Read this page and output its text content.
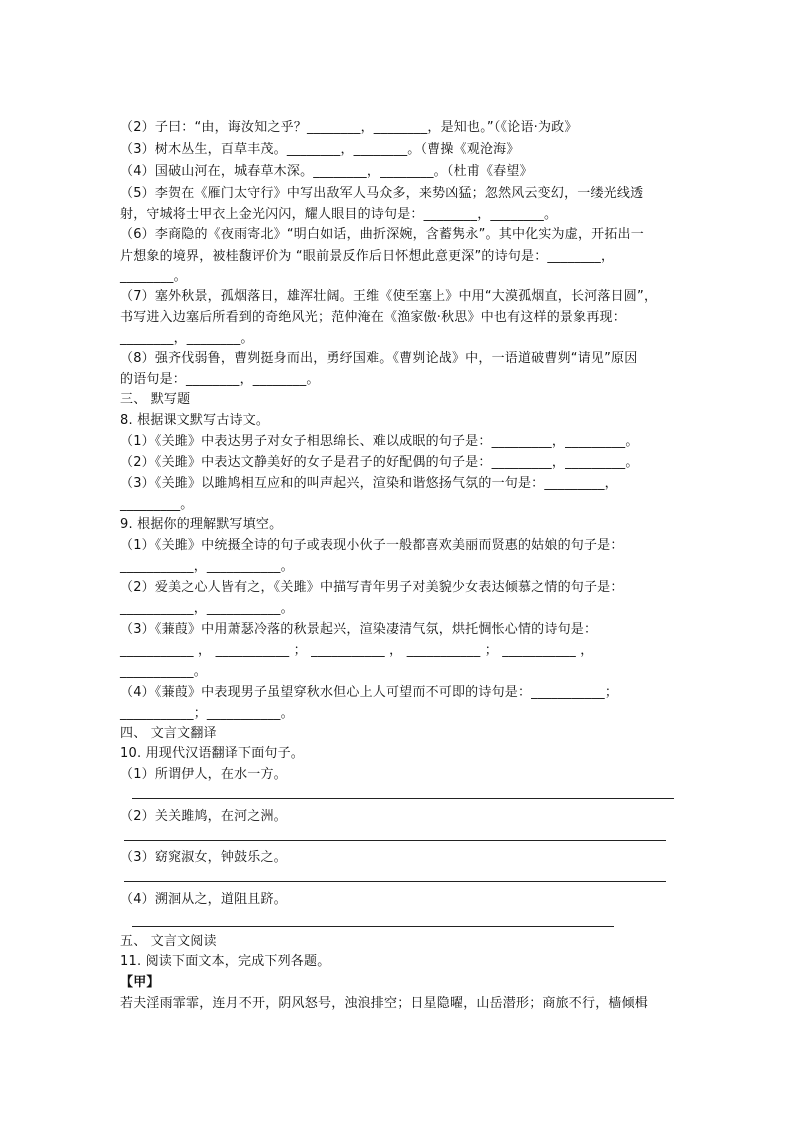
（2）子曰：“由，诲汝知之乎？________，________，是知也。”（《论语·为政》
（3）树木丛生，百草丰茂。________，________。（曹操《观沧海》
（4）国破山河在，城春草木深。________，________。（杜甫《春望》
（5）李贺在《雁门太守行》中写出敌军人马众多，来势凶猛；忽然风云变幻，一缕光线透
射，守城将士甲衣上金光闪闪，耀人眼目的诗句是：________，________。
（6）李商隐的《夜雨寄北》“明白如话，曲折深婉，含蓄隽永”。其中化实为虚，开拓出一
片想象的境界，被桂馥评价为 “眼前景反作后日怀想此意更深”的诗句是：________，
________。
（7）塞外秋景，孤烟落日，雄浑壮阔。王维《使至塞上》中用“大漠孤烟直，长河落日圆”，
书写进入边塞后所看到的奇绝风光；范仲淹在《渔家傲·秋思》中也有这样的景象再现：
________，________。
（8）强齐伐弱鲁，曹刿挺身而出，勇纾国难。《曹刿论战》中，一语道破曹刿“请见”原因
的语句是：________，________。
三、 默写题
8. 根据课文默写古诗文。
（1）《关雎》中表达男子对女子相思绵长、难以成眠的句子是：_________，_________。
（2）《关雎》中表达文静美好的女子是君子的好配偶的句子是：_________，_________。
（3）《关雎》以雎鸠相互应和的叫声起兴，渲染和谐悠扬气氛的一句是：_________，
_________。
9. 根据你的理解默写填空。
（1）《关雎》中统摄全诗的句子或表现小伙子一般都喜欢美丽而贤惠的姑娘的句子是：
___________，___________。
（2）爱美之心人皆有之，《关雎》中描写青年男子对美貌少女表达倾慕之情的句子是：
___________，___________。
（3）《蒹葭》中用萧瑟冷落的秋景起兴，渲染凄清气氛，烘托惆怅心情的诗句是：
___________ ， ___________ ； ___________ ， ___________ ； ___________ ，
___________。
（4）《蒹葭》中表现男子虽望穿秋水但心上人可望而不可即的诗句是：___________；
___________；___________。
四、 文言文翻译
10. 用现代汉语翻译下面句子。
（1）所谓伊人，在水一方。
（2）关关雎鸠，在河之洲。
（3）窈窕淑女，钟鼓乐之。
（4）溯洄从之，道阻且跻。
五、 文言文阅读
11. 阅读下面文本，完成下列各题。
【甲】
若夫淫雨霏霏，连月不开，阴风怒号，浊浪排空；日星隐曜，山岳潜形；商旅不行，樯倾楫
